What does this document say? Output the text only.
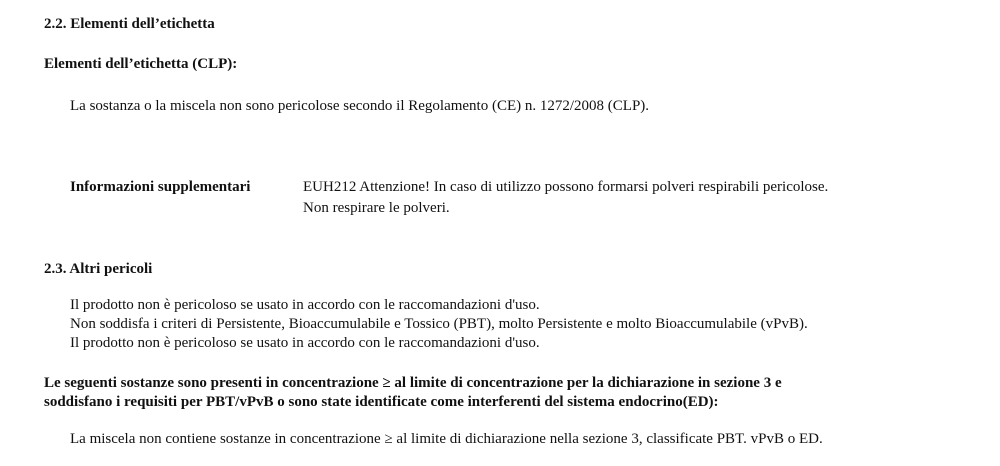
2.2. Elementi dell’etichetta
Elementi dell’etichetta (CLP):
La sostanza o la miscela non sono pericolose secondo il Regolamento (CE) n. 1272/2008 (CLP).
Informazioni supplementari	EUH212 Attenzione! In caso di utilizzo possono formarsi polveri respirabili pericolose.
Non respirare le polveri.
2.3. Altri pericoli
Il prodotto non è pericoloso se usato in accordo con le raccomandazioni d'uso.
Non soddisfa i criteri di Persistente, Bioaccumulabile e Tossico (PBT), molto Persistente e molto Bioaccumulabile (vPvB).
Il prodotto non è pericoloso se usato in accordo con le raccomandazioni d'uso.
Le seguenti sostanze sono presenti in concentrazione ≥ al limite di concentrazione per la dichiarazione in sezione 3 e
soddisfano i requisiti per PBT/vPvB o sono state identificate come interferenti del sistema endocrino(ED):
La miscela non contiene sostanze in concentrazione ≥ al limite di dichiarazione nella sezione 3, classificate PBT. vPvB o ED.
